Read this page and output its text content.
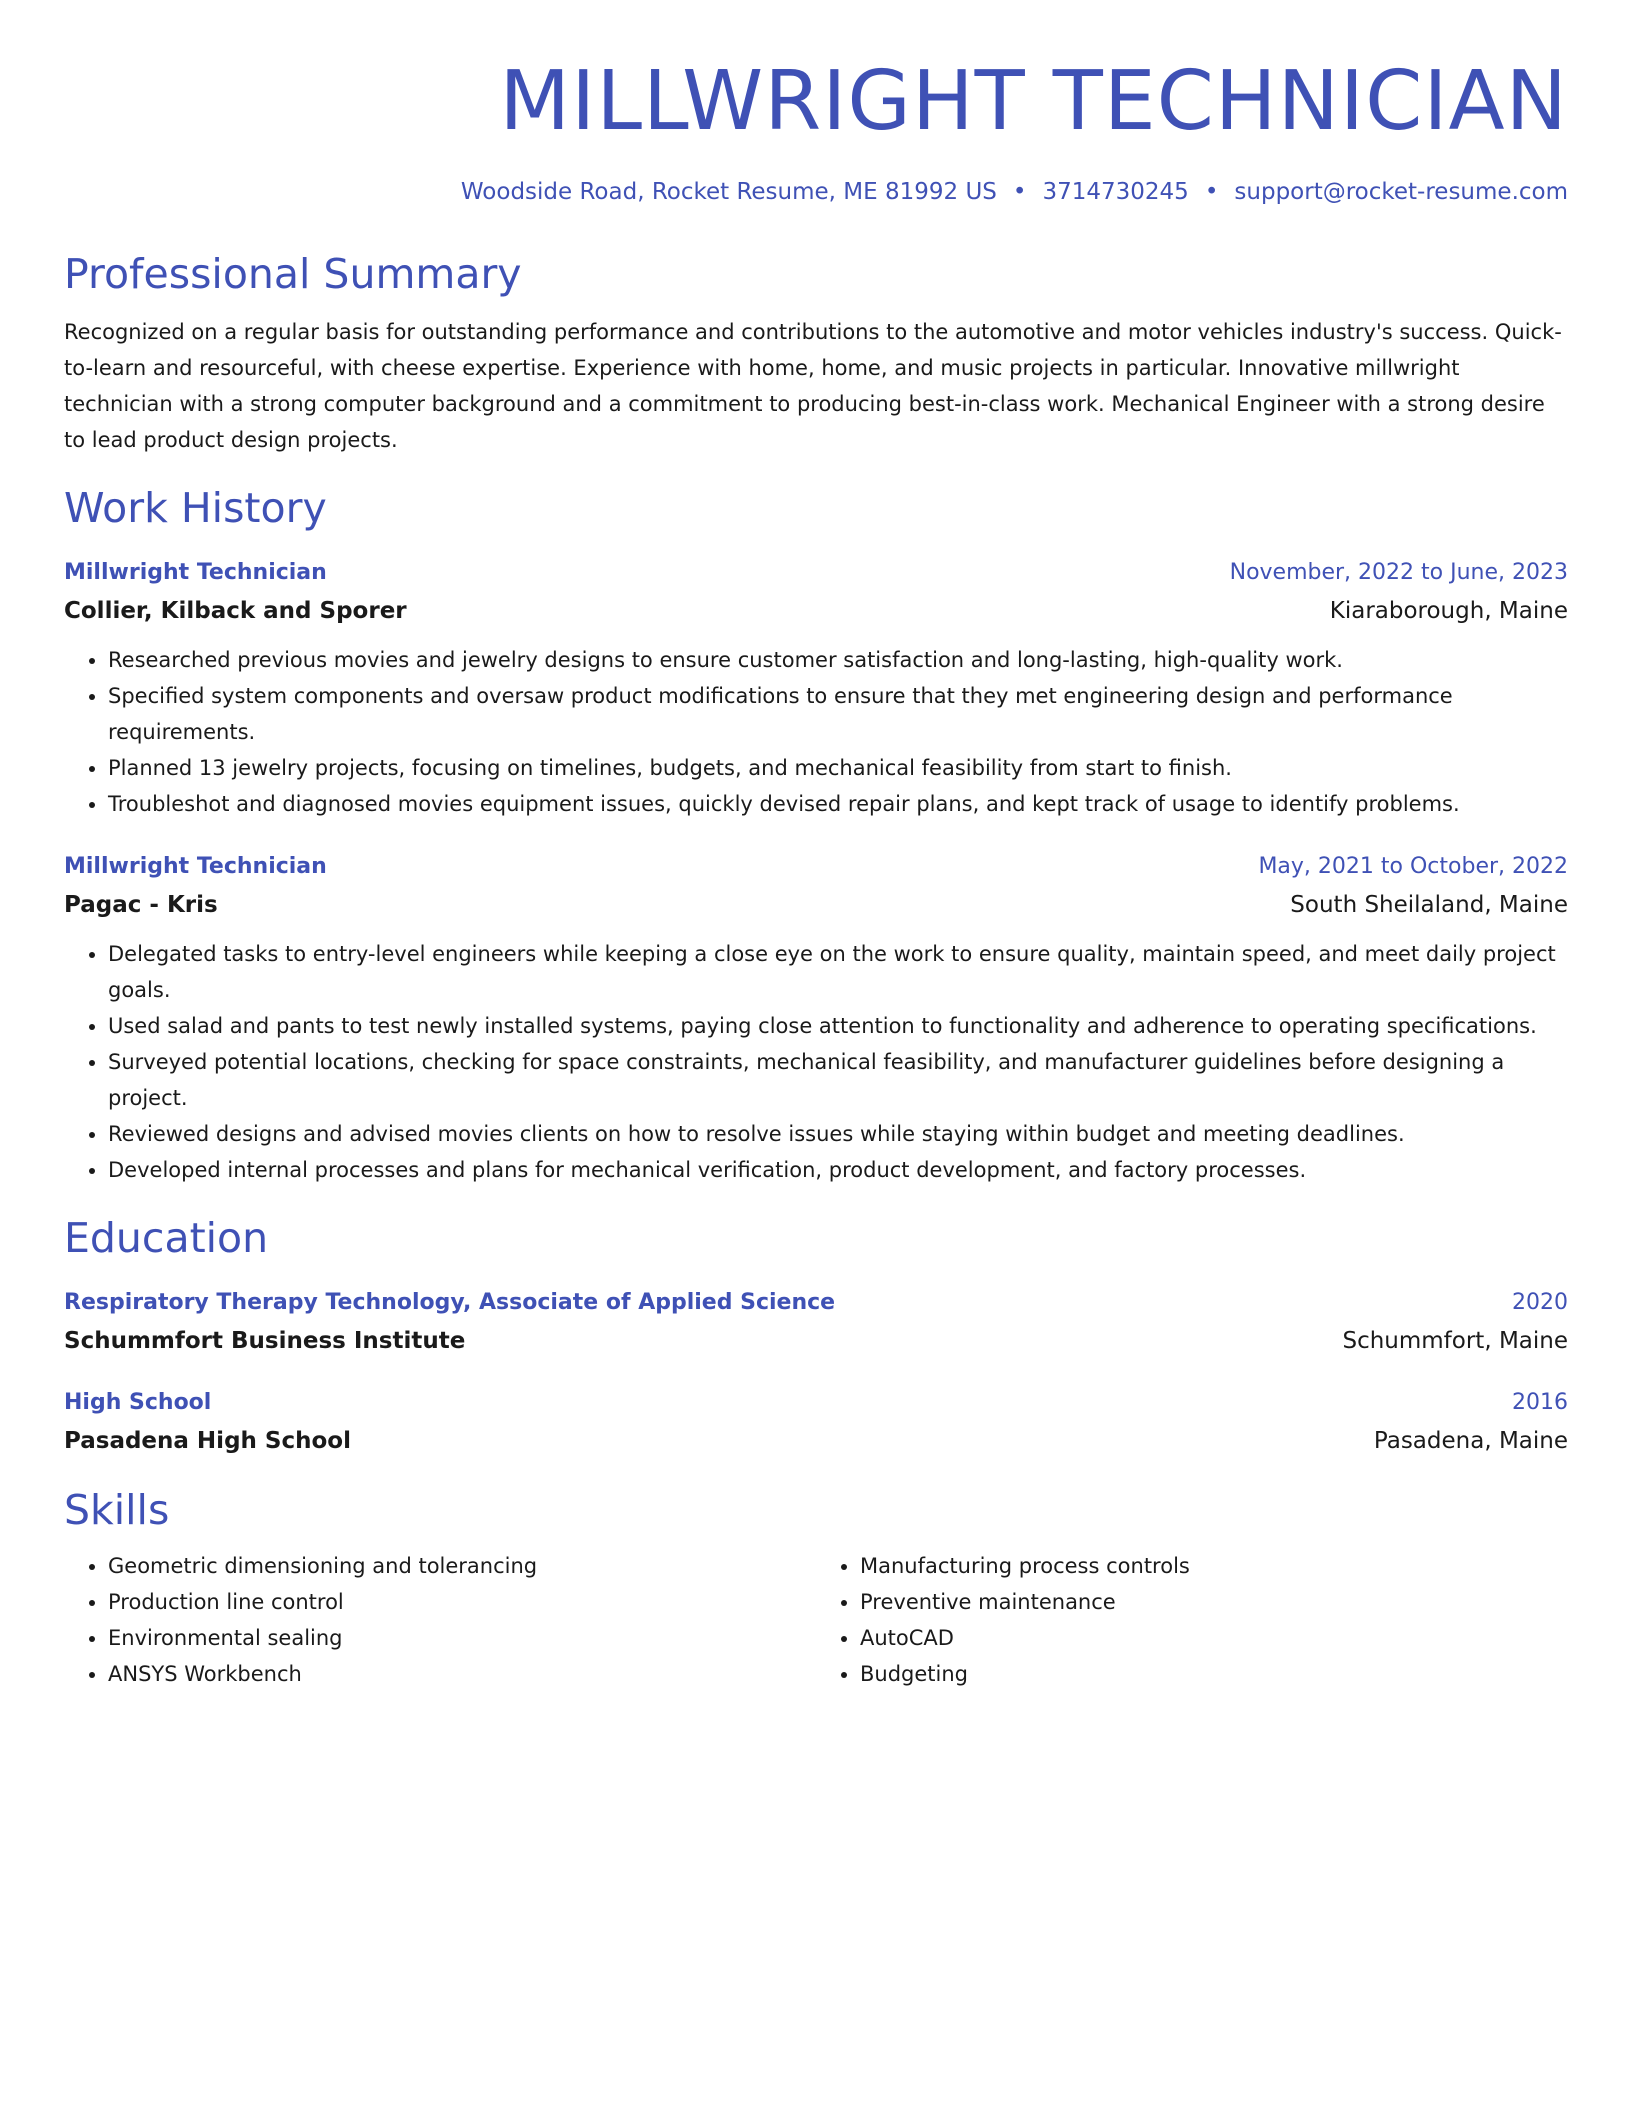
MILLWRIGHT TECHNICIAN
Woodside Road, Rocket Resume, ME 81992 US • 3714730245 • support@rocket-resume.com
Professional Summary
Recognized on a regular basis for outstanding performance and contributions to the automotive and motor vehicles industry's success. Quick-to-learn and resourceful, with cheese expertise. Experience with home, home, and music projects in particular. Innovative millwright technician with a strong computer background and a commitment to producing best-in-class work. Mechanical Engineer with a strong desire to lead product design projects.
Work History
Millwright Technician	November, 2022 to June, 2023
Collier, Kilback and Sporer	Kiaraborough, Maine
• Researched previous movies and jewelry designs to ensure customer satisfaction and long-lasting, high-quality work.
• Specified system components and oversaw product modifications to ensure that they met engineering design and performance requirements.
• Planned 13 jewelry projects, focusing on timelines, budgets, and mechanical feasibility from start to finish.
• Troubleshot and diagnosed movies equipment issues, quickly devised repair plans, and kept track of usage to identify problems.
Millwright Technician	May, 2021 to October, 2022
Pagac - Kris	South Sheilaland, Maine
• Delegated tasks to entry-level engineers while keeping a close eye on the work to ensure quality, maintain speed, and meet daily project goals.
• Used salad and pants to test newly installed systems, paying close attention to functionality and adherence to operating specifications.
• Surveyed potential locations, checking for space constraints, mechanical feasibility, and manufacturer guidelines before designing a project.
• Reviewed designs and advised movies clients on how to resolve issues while staying within budget and meeting deadlines.
• Developed internal processes and plans for mechanical verification, product development, and factory processes.
Education
Respiratory Therapy Technology, Associate of Applied Science	2020
Schummfort Business Institute	Schummfort, Maine
High School	2016
Pasadena High School	Pasadena, Maine
Skills
• Geometric dimensioning and tolerancing
• Production line control
• Environmental sealing
• ANSYS Workbench
• Manufacturing process controls
• Preventive maintenance
• AutoCAD
• Budgeting
